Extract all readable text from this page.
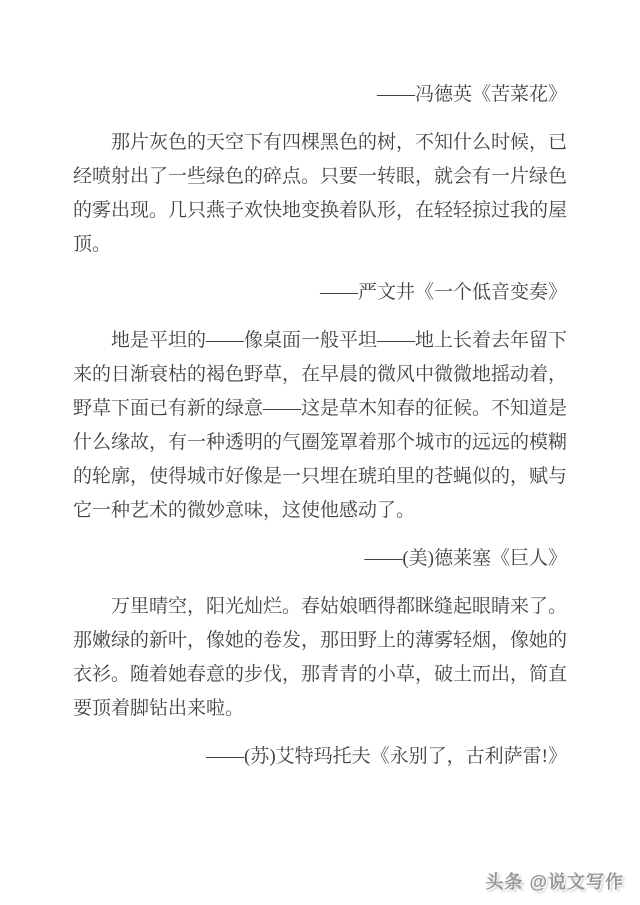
——冯德英《苦菜花》

那片灰色的天空下有四棵黑色的树，不知什么时候，已经喷射出了一些绿色的碎点。只要一转眼，就会有一片绿色的雾出现。几只燕子欢快地变换着队形，在轻轻掠过我的屋顶。

——严文井《一个低音变奏》

地是平坦的——像桌面一般平坦——地上长着去年留下来的日渐衰枯的褐色野草，在早晨的微风中微微地摇动着，野草下面已有新的绿意——这是草木知春的征候。不知道是什么缘故，有一种透明的气圈笼罩着那个城市的远远的模糊的轮廓，使得城市好像是一只埋在琥珀里的苍蝇似的，赋与它一种艺术的微妙意味，这使他感动了。

——(美)德莱塞《巨人》

万里晴空，阳光灿烂。春姑娘晒得都眯缝起眼睛来了。那嫩绿的新叶，像她的卷发，那田野上的薄雾轻烟，像她的衣衫。随着她春意的步伐，那青青的小草，破土而出，简直要顶着脚钻出来啦。

——(苏)艾特玛托夫《永别了，古利萨雷!》

头条 @说文写作
